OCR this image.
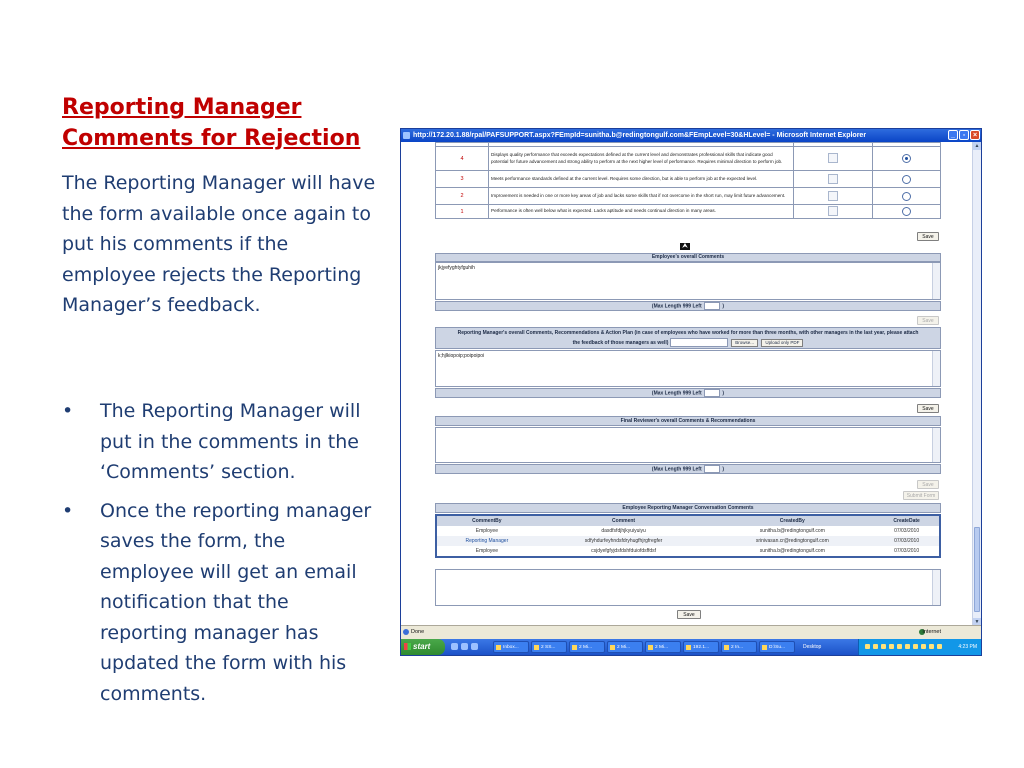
Reporting Manager
Comments for Rejection

The Reporting Manager will have the form available once again to put his comments if the employee rejects the Reporting Manager’s feedback.

• The Reporting Manager will put in the comments in the ‘Comments’ section.
• Once the reporting manager saves the form, the employee will get an email notification that the reporting manager has updated the form with his comments.
http://172.20.1.88/rpal/PAFSUPPORT.aspx?FEmpId=sunitha.b@redingtongulf.com&FEmpLevel=30&HLevel= - Microsoft Internet Explorer	_	▫	×

4	Displays quality performance that exceeds expectations defined at the current level and demonstrates professional skills that indicate good potential for future advancement and strong ability to perform at the next higher level of performance. Requires minimal direction to perform job.		
3	Meets performance standards defined at the current level. Requires some direction, but is able to perform job at the expected level.		
2	Improvement is needed in one or more key areas of job and lacks some skills that if not overcome in the short run, may limit future advancement.		
1	Performance is often well below what is expected. Lacks aptitude and needs continual direction in many areas.		
Save
⮝
Employee's overall Comments
jkjyefyghtyfguhih
(Max Length 999 Left	)
Save
Reporting Manager's overall Comments, Recommendations & Action Plan (in case of employees who have worked for more than three months, with other managers in the last year, please attach
the feedback of those managers as well)	Browse...	Upload only PDF
k;hjlkiopoip;poipoipoi
(Max Length 999 Left	)
Save
Final Reviewer's overall Comments & Recommendations
(Max Length 999 Left	)
Save
Submit Form
Employee Reporting Manager Conversation Comments
CommentBy	Comment	CreatedBy	CreateDate
Employee	dasdfsfdjhjkyuiyuiyu	sunitha.b@redingtongulf.com	07/03/2010
Reporting Manager	sdfyhdurfeyhndsfdryhugfhjrgfregfer	srinivasan.cr@redingtongulf.com	07/03/2010
Employee	csjdyefgfyjdsfdshfduiofdsffdsf	sunitha.b@redingtongulf.com	07/03/2010
Save
▲
▼
Done	Internet
start	Inbox...	2 SS...	2 Mi...	2 Mi...	2 Mi...	192.1...	2 In...	D:\Su...	Desktop	4:23 PM
